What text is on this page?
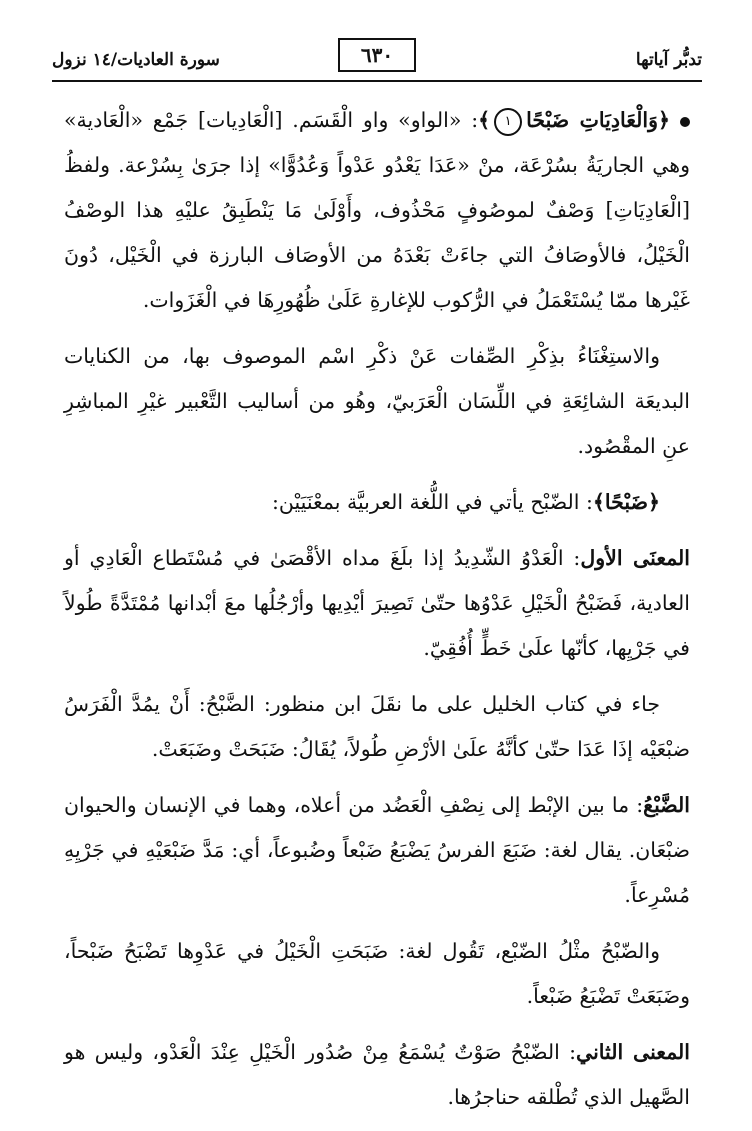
تدبُّر آياتها
٦٣٠
سورة العاديات/١٤ نزول

﴿وَالْعَادِيَاتِ ضَبْحًا١﴾: «الواو» واو الْقَسَم. [الْعَادِيات] جَمْع «الْعَادية» وهي الجاريَةُ بسُرْعَة، منْ «عَدَا يَعْدُو عَدْواً وَعُدُوًّا» إذا جرَىٰ بِسُرْعة. ولفظُ [الْعَادِيَاتِ] وَصْفٌ لموصُوفٍ مَحْذُوف، وأَوْلَىٰ مَا يَنْطَبِقُ عليْهِ هذا الوصْفُ الْخَيْلُ، فالأوصَافُ التي جاءَتْ بَعْدَهُ من الأوصَاف البارزة في الْخَيْل، دُونَ غَيْرها ممّا يُسْتَعْمَلُ في الرُّكوب للإغارةِ عَلَىٰ ظُهُورِهَا في الْغَزَوات.

والاستِغْنَاءُ بذِكْرِ الصِّفات عَنْ ذكْرِ اسْم الموصوف بها، من الكنايات البديعَة الشائِعَةِ في اللِّسَان الْعَرَبيّ، وهُو من أساليب التَّعْبير غيْرِ المباشِرِ عنِ المقْصُود.

﴿ضَبْحًا﴾: الضّبْح يأتي في اللُّغة العربيَّة بمعْنَيَيْن:

المعنَى الأول: الْعَدْوُ الشّدِيدُ إذا بلَغَ مداه الأقْصَىٰ في مُسْتَطاع الْعَادِي أو العادية، فَضَبْحُ الْخَيْلِ عَدْوُها حتّىٰ تَصِيرَ أيْدِيها وأرْجُلُها معَ أبْدانها مُمْتَدَّةً طُولاً في جَرْيِها، كأنّها علَىٰ خَطٍّ أُفُقِيّ.

جاء في كتاب الخليل على ما نقَلَ ابن منظور: الضَّبْحُ: أَنْ يمُدَّ الْفَرَسُ ضبْعَيْه إذَا عَدَا حتّىٰ كأنَّهُ علَىٰ الأرْضِ طُولاً، يُقَالُ: ضَبَحَتْ وضَبَعَتْ.

الضَّبْعُ: ما بين الإبْط إلى نِصْفِ الْعَضُد من أعلاه، وهما في الإنسان والحيوان ضبْعَان. يقال لغة: ضَبَعَ الفرسُ يَضْبَعُ ضَبْعاً وضُبوعاً، أي: مَدَّ ضَبْعَيْهِ في جَرْيِهِ مُسْرِعاً.

والضّبْحُ مثْلُ الضّبْع، تَقُول لغة: ضَبَحَتِ الْخَيْلُ في عَدْوِها تَضْبَحُ ضَبْحاً، وضَبَعَتْ تَضْبَعُ ضَبْعاً.

المعنى الثاني: الضّبْحُ صَوْتٌ يُسْمَعُ مِنْ صُدُور الْخَيْلِ عِنْدَ الْعَدْو، وليس هو الصَّهيل الذي تُطْلقه حناجرُها.
